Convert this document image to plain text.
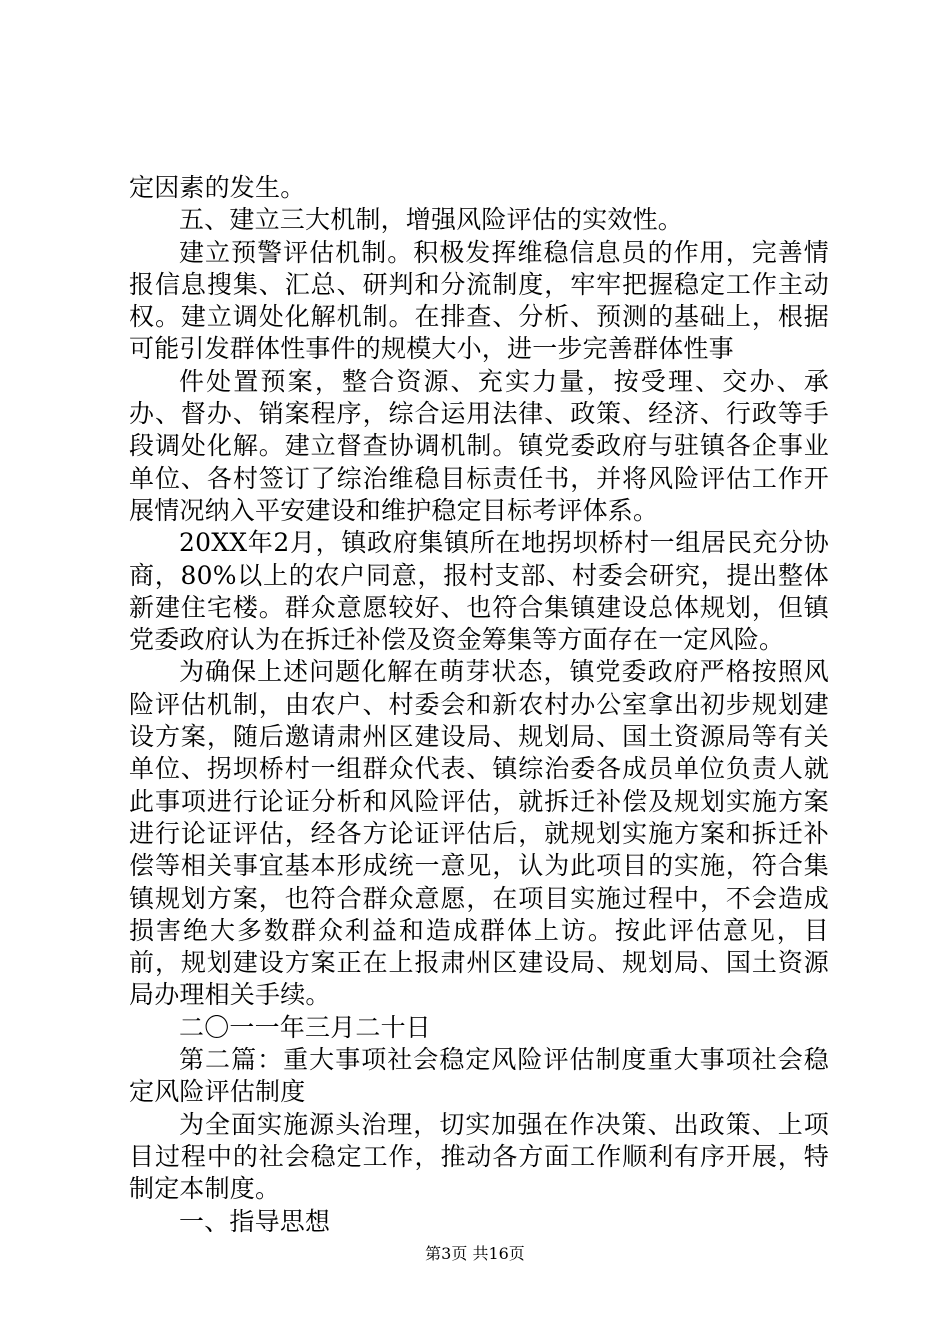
定因素的发生。

五、建立三大机制，增强风险评估的实效性。

建立预警评估机制。积极发挥维稳信息员的作用，完善情报信息搜集、汇总、研判和分流制度，牢牢把握稳定工作主动权。建立调处化解机制。在排查、分析、预测的基础上，根据可能引发群体性事件的规模大小，进一步完善群体性事

件处置预案，整合资源、充实力量，按受理、交办、承办、督办、销案程序，综合运用法律、政策、经济、行政等手段调处化解。建立督查协调机制。镇党委政府与驻镇各企事业单位、各村签订了综治维稳目标责任书，并将风险评估工作开展情况纳入平安建设和维护稳定目标考评体系。

20XX年2月，镇政府集镇所在地拐坝桥村一组居民充分协商，80%以上的农户同意，报村支部、村委会研究，提出整体新建住宅楼。群众意愿较好、也符合集镇建设总体规划，但镇党委政府认为在拆迁补偿及资金筹集等方面存在一定风险。

为确保上述问题化解在萌芽状态，镇党委政府严格按照风险评估机制，由农户、村委会和新农村办公室拿出初步规划建设方案，随后邀请肃州区建设局、规划局、国土资源局等有关单位、拐坝桥村一组群众代表、镇综治委各成员单位负责人就此事项进行论证分析和风险评估，就拆迁补偿及规划实施方案进行论证评估，经各方论证评估后，就规划实施方案和拆迁补偿等相关事宜基本形成统一意见，认为此项目的实施，符合集镇规划方案，也符合群众意愿，在项目实施过程中，不会造成损害绝大多数群众利益和造成群体上访。按此评估意见，目前，规划建设方案正在上报肃州区建设局、规划局、国土资源局办理相关手续。

二〇一一年三月二十日

第二篇：重大事项社会稳定风险评估制度重大事项社会稳定风险评估制度

为全面实施源头治理，切实加强在作决策、出政策、上项目过程中的社会稳定工作，推动各方面工作顺利有序开展，特制定本制度。

一、指导思想

第3页 共16页
